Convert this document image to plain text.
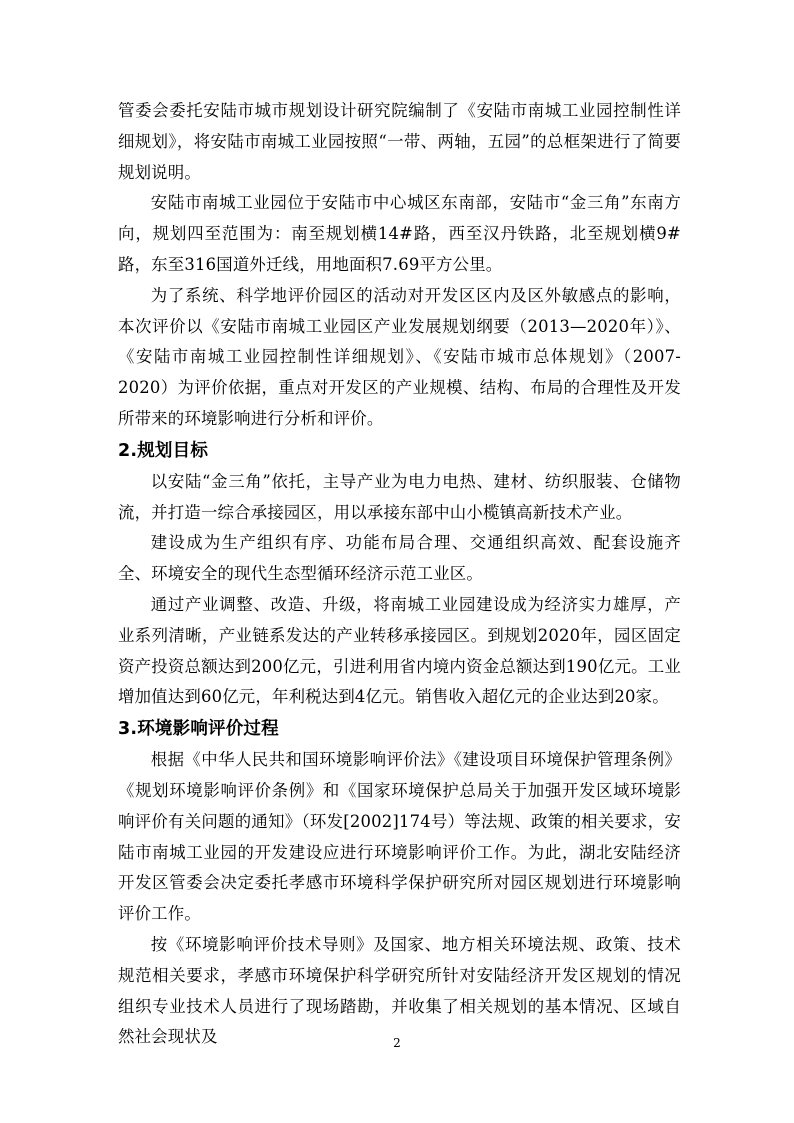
管委会委托安陆市城市规划设计研究院编制了《安陆市南城工业园控制性详细规划》，将安陆市南城工业园按照“一带、两轴，五园”的总框架进行了简要规划说明。

安陆市南城工业园位于安陆市中心城区东南部，安陆市“金三角”东南方向，规划四至范围为：南至规划横14#路，西至汉丹铁路，北至规划横9#路，东至316国道外迁线，用地面积7.69平方公里。

为了系统、科学地评价园区的活动对开发区区内及区外敏感点的影响，本次评价以《安陆市南城工业园区产业发展规划纲要（2013—2020年）》、《安陆市南城工业园控制性详细规划》、《安陆市城市总体规划》（2007-2020）为评价依据，重点对开发区的产业规模、结构、布局的合理性及开发所带来的环境影响进行分析和评价。

2.规划目标

以安陆“金三角”依托，主导产业为电力电热、建材、纺织服装、仓储物流，并打造一综合承接园区，用以承接东部中山小榄镇高新技术产业。

建设成为生产组织有序、功能布局合理、交通组织高效、配套设施齐全、环境安全的现代生态型循环经济示范工业区。

通过产业调整、改造、升级，将南城工业园建设成为经济实力雄厚，产业系列清晰，产业链系发达的产业转移承接园区。到规划2020年，园区固定资产投资总额达到200亿元，引进利用省内境内资金总额达到190亿元。工业增加值达到60亿元，年利税达到4亿元。销售收入超亿元的企业达到20家。

3.环境影响评价过程

根据《中华人民共和国环境影响评价法》《建设项目环境保护管理条例》《规划环境影响评价条例》和《国家环境保护总局关于加强开发区域环境影响评价有关问题的通知》（环发[2002]174号）等法规、政策的相关要求，安陆市南城工业园的开发建设应进行环境影响评价工作。为此，湖北安陆经济开发区管委会决定委托孝感市环境科学保护研究所对园区规划进行环境影响评价工作。

按《环境影响评价技术导则》及国家、地方相关环境法规、政策、技术规范相关要求，孝感市环境保护科学研究所针对安陆经济开发区规划的情况组织专业技术人员进行了现场踏勘，并收集了相关规划的基本情况、区域自然社会现状及	2
